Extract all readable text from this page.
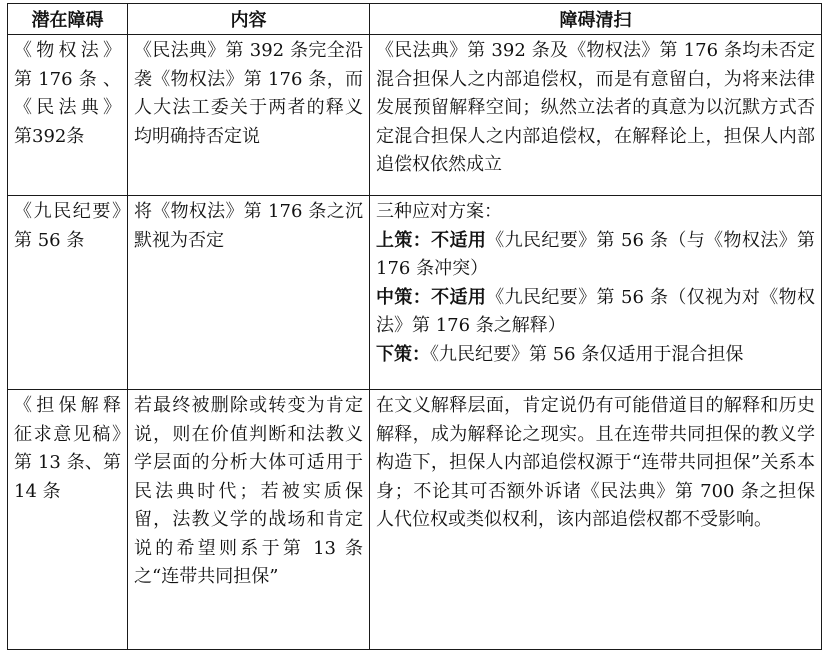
潜在障碍	内容	障碍清扫
《物权法》第176条、《民法典》第392条	《民法典》第 392 条完全沿袭《物权法》第 176 条，而人大法工委关于两者的释义均明确持否定说	《民法典》第 392 条及《物权法》第 176 条均未否定混合担保人之内部追偿权，而是有意留白，为将来法律发展预留解释空间；纵然立法者的真意为以沉默方式否定混合担保人之内部追偿权，在解释论上，担保人内部追偿权依然成立
《九民纪要》第 56 条	将《物权法》第 176 条之沉默视为否定	三种应对方案：
上策：不适用《九民纪要》第 56 条（与《物权法》第 176 条冲突）
中策：不适用《九民纪要》第 56 条（仅视为对《物权法》第 176 条之解释）
下策：《九民纪要》第 56 条仅适用于混合担保

《担保解释征求意见稿》第 13 条、第 14 条	若最终被删除或转变为肯定说，则在价值判断和法教义学层面的分析大体可适用于民法典时代；若被实质保留，法教义学的战场和肯定说的希望则系于第 13 条之“连带共同担保”	在文义解释层面，肯定说仍有可能借道目的解释和历史解释，成为解释论之现实。且在连带共同担保的教义学构造下，担保人内部追偿权源于“连带共同担保”关系本身；不论其可否额外诉诸《民法典》第 700 条之担保人代位权或类似权利，该内部追偿权都不受影响。
